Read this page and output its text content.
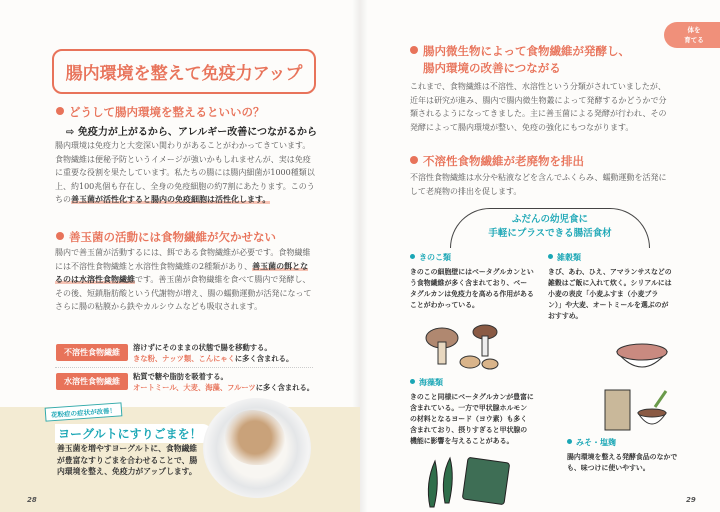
腸内環境を整えて免疫力アップ
どうして腸内環境を整えるといいの？
⇨ 免疫力が上がるから、アレルギー改善につながるから
腸内環境は免疫力と大変深い関わりがあることがわかってきています。食物繊維は便秘予防というイメージが強いかもしれませんが、実は免疫に重要な役割を果たしています。私たちの腸には腸内細菌が1000種類以上、約100兆個も存在し、全身の免疫細胞の約7割にあたります。このうちの善玉菌が活性化すると腸内の免疫細胞は活性化します。
善玉菌の活動には食物繊維が欠かせない
腸内で善玉菌が活動するには、餌である食物繊維が必要です。食物繊維には不溶性食物繊維と水溶性食物繊維の2種類があり、善玉菌の餌となるのは水溶性食物繊維です。善玉菌が食物繊維を食べて腸内で発酵し、その後、短鎖脂肪酸という代謝物が増え、腸の蠕動運動が活発になってさらに腸の粘膜から鉄やカルシウムなども吸収されます。
不溶性食物繊維
溶けずにそのままの状態で腸を移動する。
きな粉、ナッツ類、こんにゃくに多く含まれる。
水溶性食物繊維
粘質で糖や脂肪を吸着する。
オートミール、大麦、海藻、フルーツに多く含まれる。
花粉症の症状が改善！
ヨーグルトにすりごまを！
善玉菌を増やすヨーグルトに、食物繊維が豊富なすりごまを合わせることで、腸内環境を整え、免疫力がアップします。
28
体を
育てる
腸内微生物によって食物繊維が発酵し、
腸内環境の改善につながる
これまで、食物繊維は不溶性、水溶性という分類がされていましたが、近年は研究が進み、腸内で腸内微生物叢によって発酵するかどうかで分類されるようになってきました。主に善玉菌による発酵が行われ、その発酵によって腸内環境が整い、免疫の強化にもつながります。
不溶性食物繊維が老廃物を排出
不溶性食物繊維は水分や粘液などを含んでふくらみ、蠕動運動を活発にして老廃物の排出を促します。
ふだんの幼児食に
手軽にプラスできる腸活食材
きのこ類
きのこの細胞壁にはベータグルカンという食物繊維が多く含まれており、ベータグルカンは免疫力を高める作用があることがわかっている。
雑穀類
きび、あわ、ひえ、アマランサスなどの雑穀はご飯に入れて炊く。シリアルには小麦の表皮「小麦ふすま（小麦ブラン）」や大麦、オートミールを選ぶのがおすすめ。
海藻類
きのこと同様にベータグルカンが豊富に含まれている。一方で甲状腺ホルモンの材料となるヨード（ヨウ素）も多く含まれており、摂りすぎると甲状腺の機能に影響を与えることがある。	みそ・塩麹
腸内環境を整える発酵食品のなかでも、味つけに使いやすい。
29
